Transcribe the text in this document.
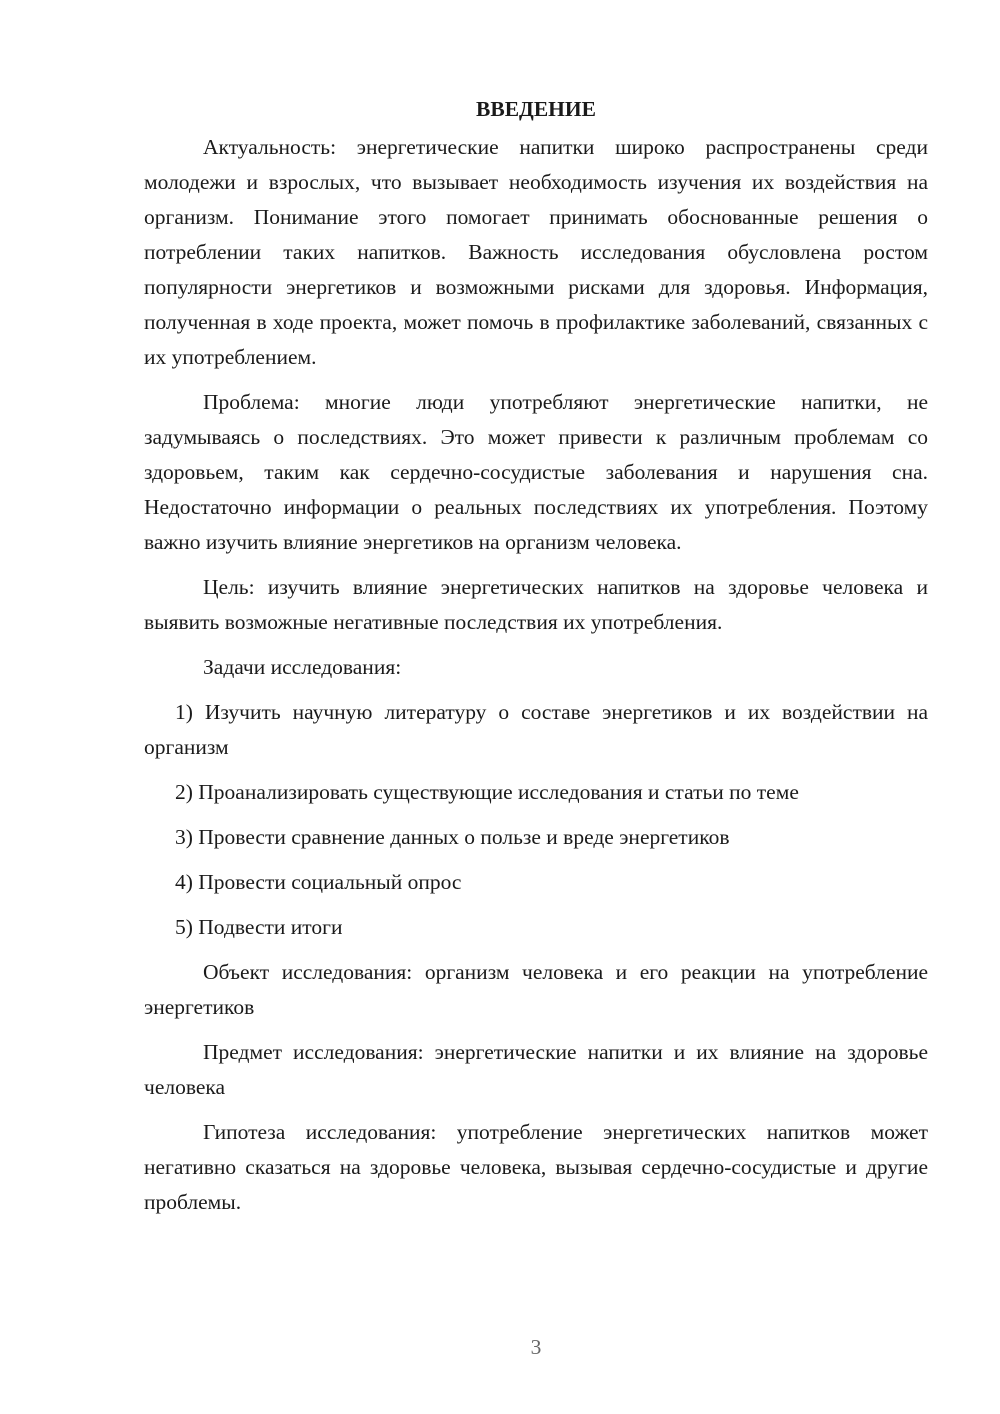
ВВЕДЕНИЕ

Актуальность: энергетические напитки широко распространены среди молодежи и взрослых, что вызывает необходимость изучения их воздействия на организм. Понимание этого помогает принимать обоснованные решения о потреблении таких напитков. Важность исследования обусловлена ростом популярности энергетиков и возможными рисками для здоровья. Информация, полученная в ходе проекта, может помочь в профилактике заболеваний, связанных с их употреблением.

Проблема: многие люди употребляют энергетические напитки, не задумываясь о последствиях. Это может привести к различным проблемам со здоровьем, таким как сердечно-сосудистые заболевания и нарушения сна. Недостаточно информации о реальных последствиях их употребления. Поэтому важно изучить влияние энергетиков на организм человека.

Цель: изучить влияние энергетических напитков на здоровье человека и выявить возможные негативные последствия их употребления.

Задачи исследования:

1) Изучить научную литературу о составе энергетиков и их воздействии на организм

2) Проанализировать существующие исследования и статьи по теме

3) Провести сравнение данных о пользе и вреде энергетиков

4) Провести социальный опрос

5) Подвести итоги

Объект исследования: организм человека и его реакции на употребление энергетиков

Предмет исследования: энергетические напитки и их влияние на здоровье человека

Гипотеза исследования: употребление энергетических напитков может негативно сказаться на здоровье человека, вызывая сердечно-сосудистые и другие проблемы.

3
